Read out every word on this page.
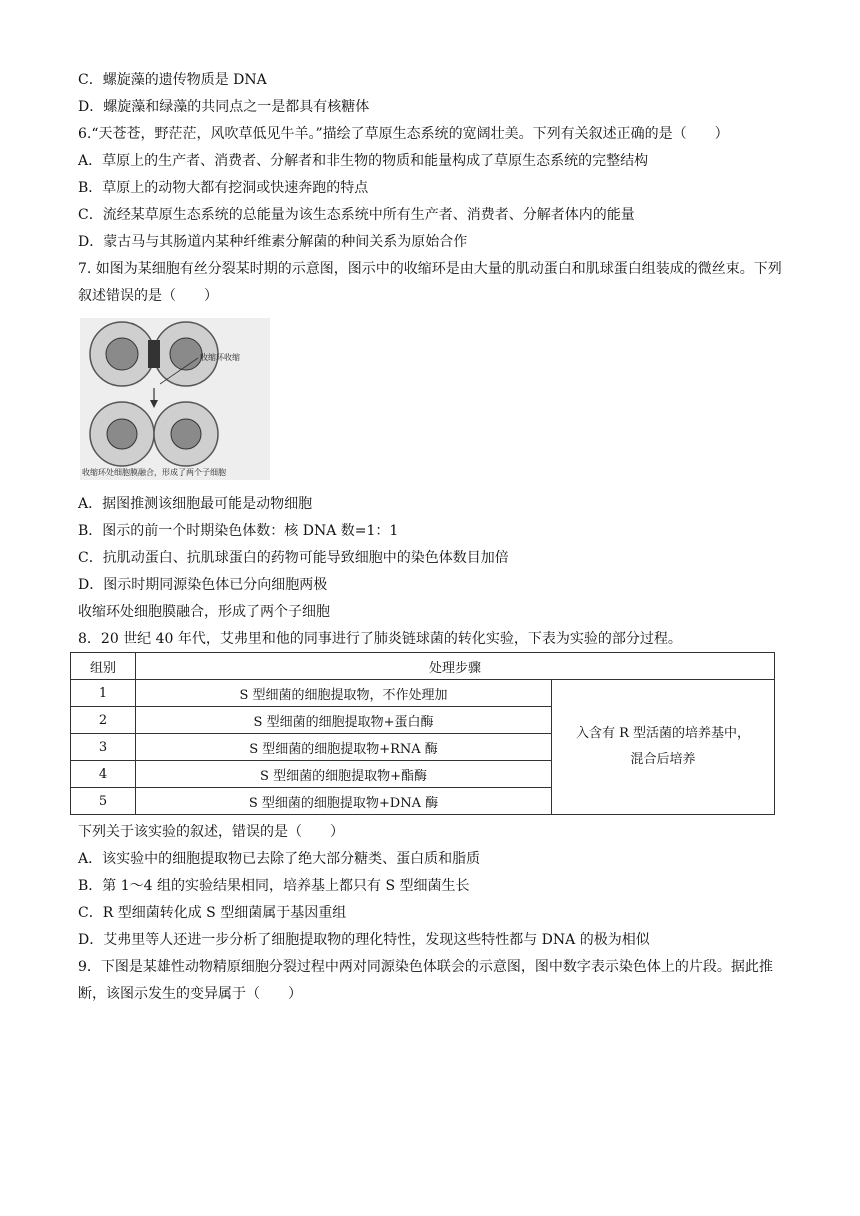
C．螺旋藻的遗传物质是 DNA
D．螺旋藻和绿藻的共同点之一是都具有核糖体
6.“天苍苍，野茫茫，风吹草低见牛羊。”描绘了草原生态系统的宽阔壮美。下列有关叙述正确的是（　　）
A．草原上的生产者、消费者、分解者和非生物的物质和能量构成了草原生态系统的完整结构
B．草原上的动物大都有挖洞或快速奔跑的特点
C．流经某草原生态系统的总能量为该生态系统中所有生产者、消费者、分解者体内的能量
D．蒙古马与其肠道内某种纤维素分解菌的种间关系为原始合作
7. 如图为某细胞有丝分裂某时期的示意图，图示中的收缩环是由大量的肌动蛋白和肌球蛋白组装成的微丝束。下列叙述错误的是（　　）
收缩环收缩
收缩环处细胞膜融合，形成了两个子细胞
A．据图推测该细胞最可能是动物细胞
B．图示的前一个时期染色体数：核 DNA 数=1：1
C．抗肌动蛋白、抗肌球蛋白的药物可能导致细胞中的染色体数目加倍
D．图示时期同源染色体已分向细胞两极
收缩环处细胞膜融合，形成了两个子细胞
8．20 世纪 40 年代，艾弗里和他的同事进行了肺炎链球菌的转化实验，下表为实验的部分过程。
组别	处理步骤	
1	S 型细菌的细胞提取物，不作处理加	入含有 R 型活菌的培养基中，
混合后培养

2	S 型细菌的细胞提取物+蛋白酶	
3	S 型细菌的细胞提取物+RNA 酶	
4	S 型细菌的细胞提取物+酯酶	
5	S 型细菌的细胞提取物+DNA 酶	
下列关于该实验的叙述，错误的是（　　）
A．该实验中的细胞提取物已去除了绝大部分糖类、蛋白质和脂质
B．第 1～4 组的实验结果相同，培养基上都只有 S 型细菌生长
C．R 型细菌转化成 S 型细菌属于基因重组
D．艾弗里等人还进一步分析了细胞提取物的理化特性，发现这些特性都与 DNA 的极为相似
9．下图是某雄性动物精原细胞分裂过程中两对同源染色体联会的示意图，图中数字表示染色体上的片段。据此推断，该图示发生的变异属于（　　）
